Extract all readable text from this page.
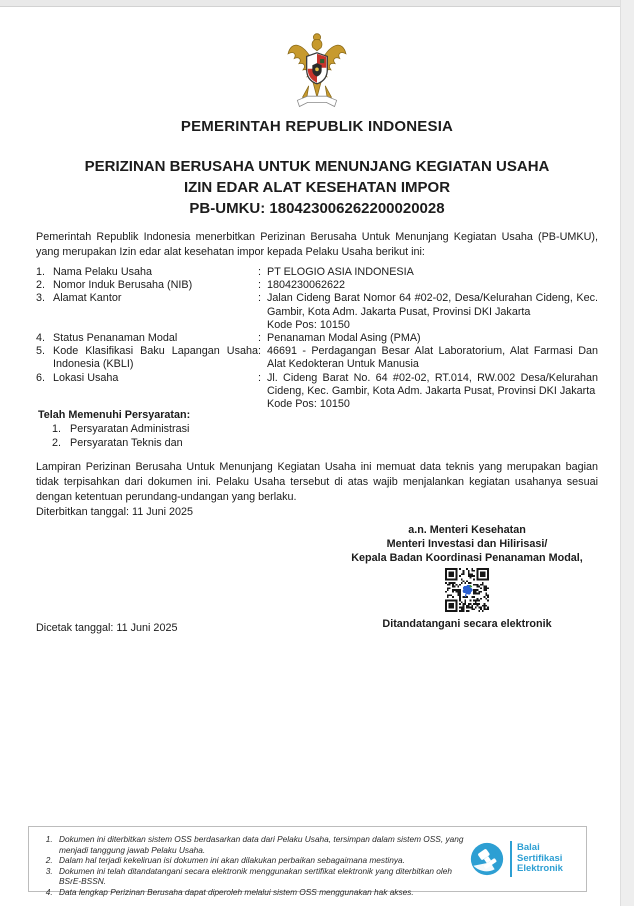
PEMERINTAH REPUBLIK INDONESIA
PERIZINAN BERUSAHA UNTUK MENUNJANG KEGIATAN USAHA
IZIN EDAR ALAT KESEHATAN IMPOR
PB-UMKU: 180423006262200020028
Pemerintah Republik Indonesia menerbitkan Perizinan Berusaha Untuk Menunjang Kegiatan Usaha (PB-UMKU), yang merupakan Izin edar alat kesehatan impor kepada Pelaku Usaha berikut ini:
1. Nama Pelaku Usaha	: PT ELOGIO ASIA INDONESIA
2. Nomor Induk Berusaha (NIB)	: 1804230062622
3. Alamat Kantor	: Jalan Cideng Barat Nomor 64 #02-02, Desa/Kelurahan Cideng, Kec. Gambir, Kota Adm. Jakarta Pusat, Provinsi DKI Jakarta
Kode Pos: 10150
4. Status Penanaman Modal	: Penanaman Modal Asing (PMA)
5. Kode Klasifikasi Baku Lapangan Usaha Indonesia (KBLI)
: 46691 - Perdagangan Besar Alat Laboratorium, Alat Farmasi Dan Alat Kedokteran Untuk Manusia
6. Lokasi Usaha	: Jl. Cideng Barat No. 64 #02-02, RT.014, RW.002 Desa/Kelurahan Cideng, Kec. Gambir, Kota Adm. Jakarta Pusat, Provinsi DKI Jakarta
Kode Pos: 10150
Telah Memenuhi Persyaratan:
1. Persyaratan Administrasi
2. Persyaratan Teknis dan
Lampiran Perizinan Berusaha Untuk Menunjang Kegiatan Usaha ini memuat data teknis yang merupakan bagian tidak terpisahkan dari dokumen ini. Pelaku Usaha tersebut di atas wajib menjalankan kegiatan usahanya sesuai dengan ketentuan perundang-undangan yang berlaku.
Diterbitkan tanggal: 11 Juni 2025
a.n. Menteri Kesehatan
Menteri Investasi dan Hilirisasi/
Kepala Badan Koordinasi Penanaman Modal,
Ditandatangani secara elektronik
Dicetak tanggal: 11 Juni 2025
1. Dokumen ini diterbitkan sistem OSS berdasarkan data dari Pelaku Usaha, tersimpan dalam sistem OSS, yang menjadi tanggung jawab Pelaku Usaha.
2. Dalam hal terjadi kekeliruan isi dokumen ini akan dilakukan perbaikan sebagaimana mestinya.
3. Dokumen ini telah ditandatangani secara elektronik menggunakan sertifikat elektronik yang diterbitkan oleh BSrE-BSSN.
4. Data lengkap Perizinan Berusaha dapat diperoleh melalui sistem OSS menggunakan hak akses.
Balai
Sertifikasi
Elektronik
